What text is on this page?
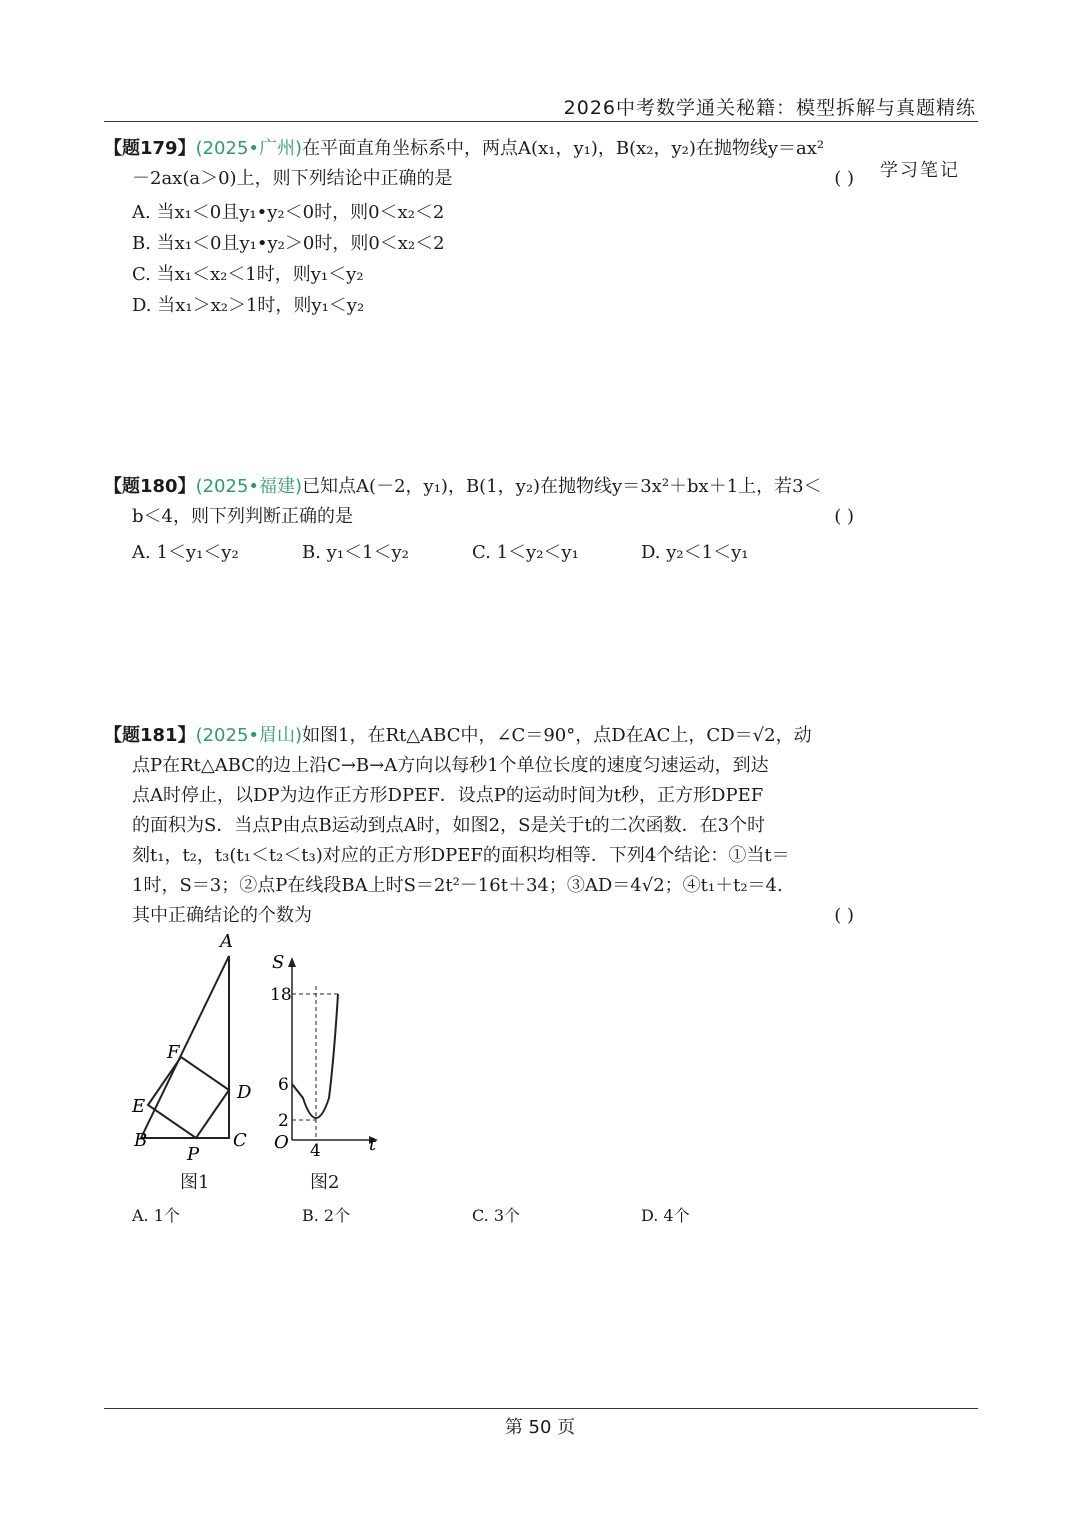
2026中考数学通关秘籍：模型拆解与真题精练
学习笔记
【题179】(2025•广州)在平面直角坐标系中，两点A(x₁，y₁)，B(x₂，y₂)在抛物线y＝ax²
－2ax(a＞0)上，则下列结论中正确的是	( )
A. 当x₁＜0且y₁•y₂＜0时，则0＜x₂＜2
B. 当x₁＜0且y₁•y₂＞0时，则0＜x₂＜2
C. 当x₁＜x₂＜1时，则y₁＜y₂
D. 当x₁＞x₂＞1时，则y₁＜y₂
【题180】(2025•福建)已知点A(－2，y₁)，B(1，y₂)在抛物线y＝3x²＋bx＋1上，若3＜
b＜4，则下列判断正确的是	( )
A. 1＜y₁＜y₂	B. y₁＜1＜y₂	C. 1＜y₂＜y₁	D. y₂＜1＜y₁
【题181】(2025•眉山)如图1，在Rt△ABC中，∠C＝90°，点D在AC上，CD＝√2，动
点P在Rt△ABC的边上沿C→B→A方向以每秒1个单位长度的速度匀速运动，到达
点A时停止，以DP为边作正方形DPEF．设点P的运动时间为t秒，正方形DPEF
的面积为S．当点P由点B运动到点A时，如图2，S是关于t的二次函数．在3个时
刻t₁，t₂，t₃(t₁＜t₂＜t₃)对应的正方形DPEF的面积均相等．下列4个结论：①当t＝
1时，S＝3；②点P在线段BA上时S＝2t²－16t＋34；③AD＝4√2；④t₁＋t₂＝4.
其中正确结论的个数为	( )
A
B	C
D
E
F
P
图1
S
t
O
18
6
2
4
图2
A. 1个	B. 2个	C. 3个	D. 4个
第 50 页
